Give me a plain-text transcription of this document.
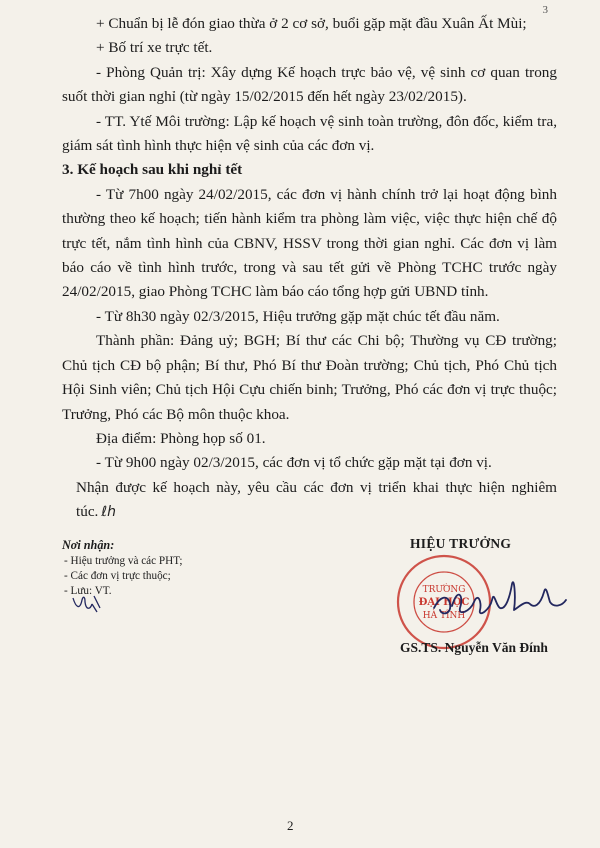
3

+ Chuẩn bị lễ đón giao thừa ở 2 cơ sở, buổi gặp mặt đầu Xuân Ất Mùi;

+ Bố trí xe trực tết.

- Phòng Quản trị: Xây dựng Kế hoạch trực bảo vệ, vệ sinh cơ quan trong suốt thời gian nghỉ (từ ngày 15/02/2015 đến hết ngày 23/02/2015).

- TT. Ytế Môi trường: Lập kế hoạch vệ sinh toàn trường, đôn đốc, kiểm tra, giám sát tình hình thực hiện vệ sinh của các đơn vị.

3. Kế hoạch sau khi nghỉ tết

- Từ 7h00 ngày 24/02/2015, các đơn vị hành chính trở lại hoạt động bình thường theo kế hoạch; tiến hành kiểm tra phòng làm việc, việc thực hiện chế độ trực tết, nắm tình hình của CBNV, HSSV trong thời gian nghỉ. Các đơn vị làm báo cáo về tình hình trước, trong và sau tết gửi về Phòng TCHC trước ngày 24/02/2015, giao Phòng TCHC làm báo cáo tổng hợp gửi UBND tỉnh.

- Từ 8h30 ngày 02/3/2015, Hiệu trưởng gặp mặt chúc tết đầu năm.

Thành phần: Đảng uỷ; BGH; Bí thư các Chi bộ; Thường vụ CĐ trường; Chủ tịch CĐ bộ phận; Bí thư, Phó Bí thư Đoàn trường; Chủ tịch, Phó Chủ tịch Hội Sinh viên; Chủ tịch Hội Cựu chiến binh; Trưởng, Phó các đơn vị trực thuộc; Trưởng, Phó các Bộ môn thuộc khoa.

Địa điểm: Phòng họp số 01.

- Từ 9h00 ngày 02/3/2015, các đơn vị tổ chức gặp mặt tại đơn vị.

Nhận được kế hoạch này, yêu cầu các đơn vị triển khai thực hiện nghiêm túc. ℓh

Nơi nhận:
- Hiệu trưởng và các PHT;
- Các đơn vị trực thuộc;
- Lưu: VT.
HIỆU TRƯỞNG
TRƯỜNG
ĐẠI HỌC
HÀ TĨNH
GS.TS. Nguyễn Văn Đính
2
